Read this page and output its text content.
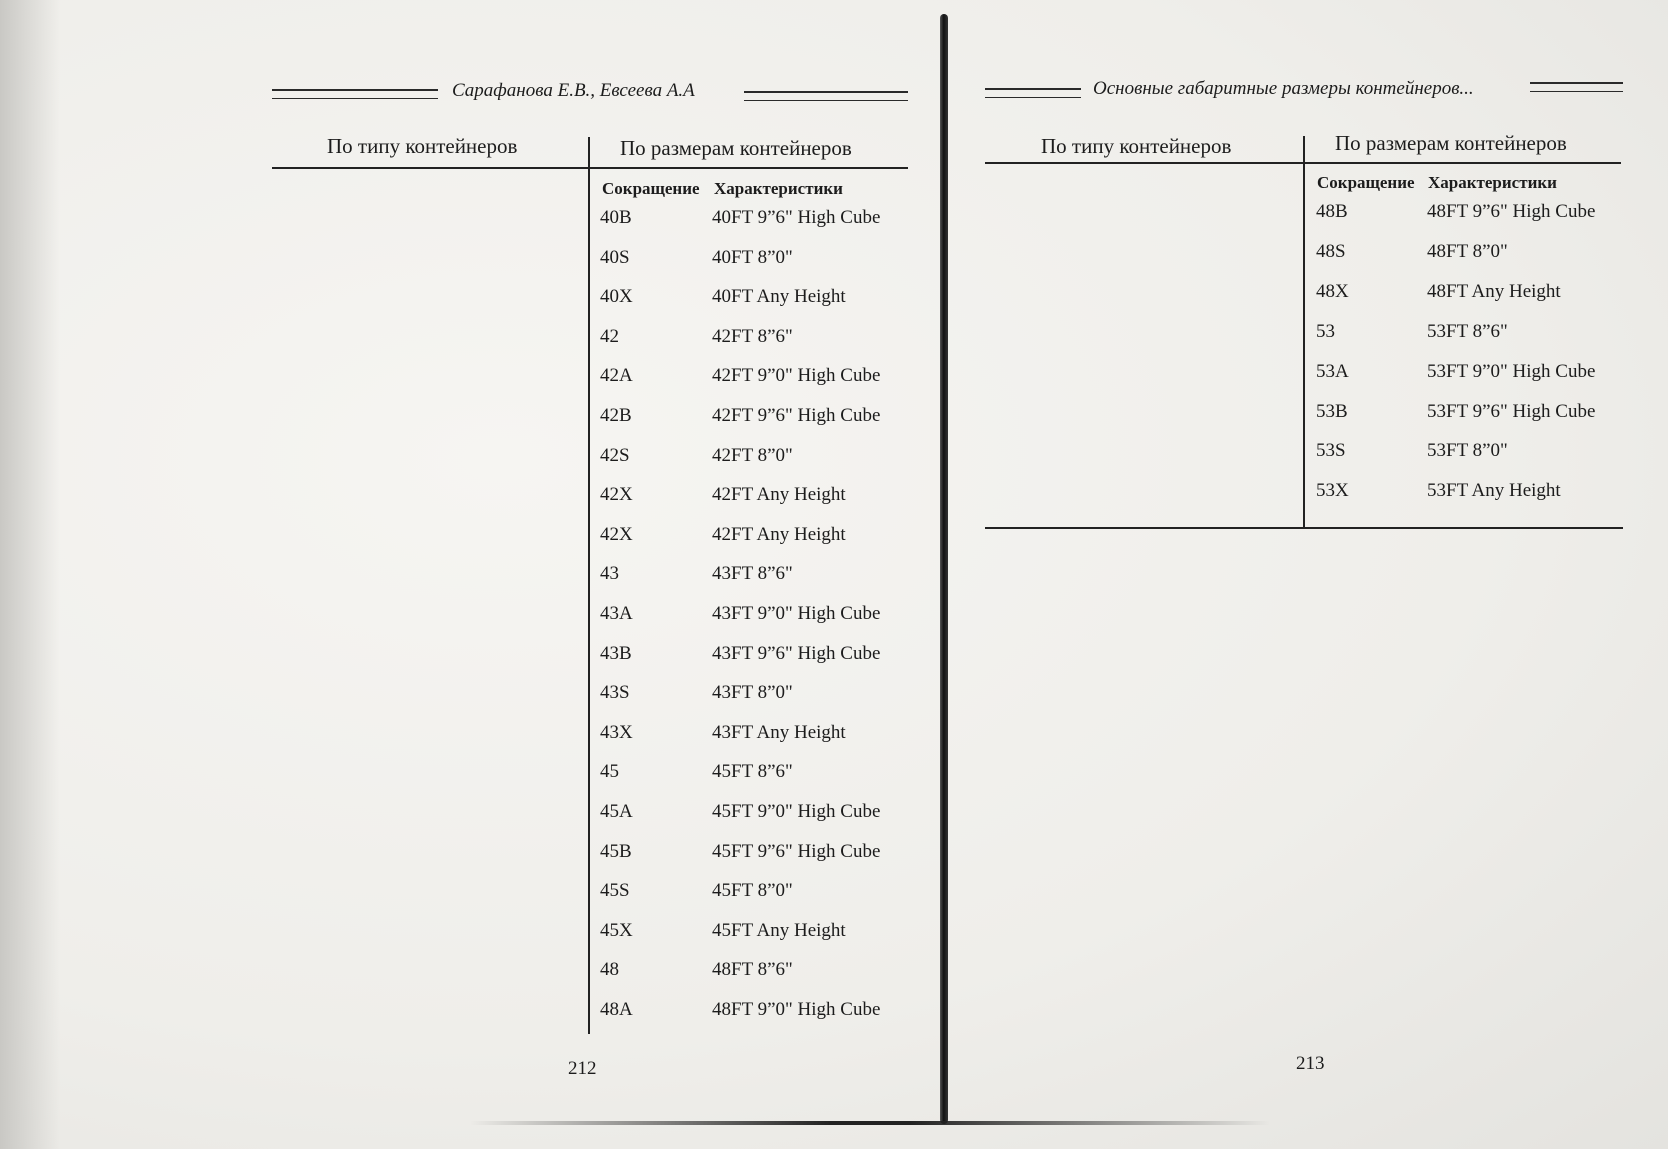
Сарафанова Е.В., Евсеева А.А
По типу контейнеров	По размерам контейнеров
Сокращение Характеристики
40B	40FT 9”6" High Cube
40S	40FT 8”0"
40X	40FT Any Height
42	42FT 8”6"
42A	42FT 9”0" High Cube
42B	42FT 9”6" High Cube
42S	42FT 8”0"
42X	42FT Any Height
42X	42FT Any Height
43	43FT 8”6"
43A	43FT 9”0" High Cube
43B	43FT 9”6" High Cube
43S	43FT 8”0"
43X	43FT Any Height
45	45FT 8”6"
45A	45FT 9”0" High Cube
45B	45FT 9”6" High Cube
45S	45FT 8”0"
45X	45FT Any Height
48	48FT 8”6"
48A	48FT 9”0" High Cube
212
Основные габаритные размеры контейнеров...
По типу контейнеров	По размерам контейнеров
Сокращение Характеристики
48B	48FT 9”6" High Cube
48S	48FT 8”0"
48X	48FT Any Height
53	53FT 8”6"
53A	53FT 9”0" High Cube
53B	53FT 9”6" High Cube
53S	53FT 8”0"
53X	53FT Any Height
213
